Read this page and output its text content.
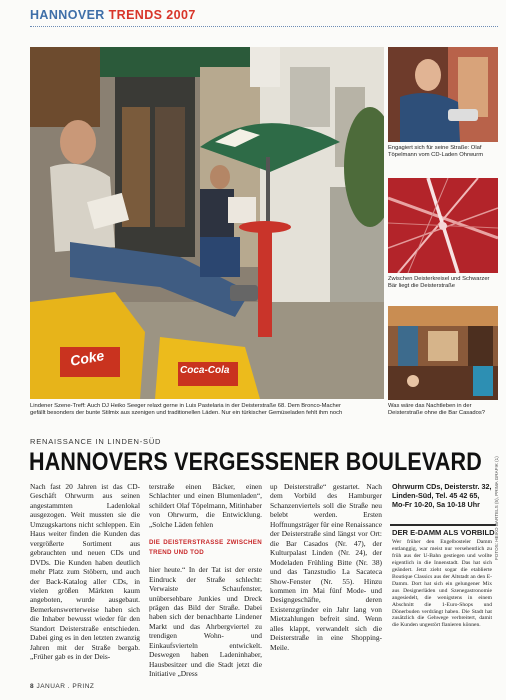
HANNOVER TRENDS 2007
Coke
Coca-Cola
Engagiert sich für seine Straße: Olaf Töpelmann vom CD-Laden Ohrwurm
Zwischen Deisterkreisel und Schwarzer Bär liegt die Deisterstraße
Lindener Szene-Treff: Auch DJ Heiko Seeger relaxt gerne in Luis Pastelaria in der Deisterstraße 68. Dem Bronco-Macher
gefällt besonders der bunte Stilmix aus szenigen und traditionellen Läden. Nur ein türkischer Gemüseladen fehlt ihm noch
Was wäre das Nachtleben in der Deisterstraße ohne die Bar Casados?
RENAISSANCE IN LINDEN-SÜD
HANNOVERS VERGESSENER BOULEVARD

Nach fast 20 Jahren ist das CD-Geschäft Ohrwurm aus seinen angestammten Ladenlokal ausgezogen. Weit mussten sie die Umzugskartons nicht schleppen. Ein Haus weiter finden die Kunden das vergrößerte Sortiment aus gebrauchten und neuen CDs und DVDs. Die Kunden haben deutlich mehr Platz zum Stöbern, und auch der Back-Katalog aller CDs, in vielen größen Märkten kaum angeboten, wurde ausgebaut. Bemerkenswerterweise haben sich die Inhaber bewusst wieder für den Standort Deisterstraße entschieden. Dabei ging es in den letzten zwanzig Jahren mit der Straße bergab. „Früher gab es in der Deis-

terstraße einen Bäcker, einen Schlachter und einen Blumenladen“, schildert Olaf Töpelmann, Mitinhaber von Ohrwurm, die Entwicklung. „Solche Läden fehlen

DIE DEISTERSTRASSE ZWISCHEN TREND UND TOD

hier heute.“ In der Tat ist der erste Eindruck der Straße schlecht: Verwaiste Schaufenster, unübersehbare Junkies und Dreck prägen das Bild der Straße. Dabei haben sich der benachbarte Lindener Markt und das Ahrbergviertel zu trendigen Wohn- und Einkaufsvierteln entwickelt. Deswegen haben Ladeninhaber, Hausbesitzer und die Stadt jetzt die Initiative „Dress

up Deisterstraße“ gestartet. Nach dem Vorbild des Hamburger Schanzenviertels soll die Straße neu belebt werden. Ersten Hoffnungsträger für eine Renaissance der Deisterstraße sind längst vor Ort: die Bar Casados (Nr. 47), der Kulturpalast Linden (Nr. 24), der Modeladen Frühling Bitte (Nr. 38) und das Tanzstudio La Sacateca Show-Fenster (Nr. 55). Hinzu kommen im Mai fünf Mode- und Designgeschäfte, deren Existenzgründer ein Jahr lang von Mietzahlungen befreit sind. Wenn alles klappt, verwandelt sich die Deisterstraße in eine Shopping-Meile.

Ohrwurm CDs, Deisterstr. 32,
Linden-Süd, Tel. 45 42 65,
Mo-Fr 10-20, Sa 10-18 Uhr
DER E-DAMM ALS VORBILD
Wer früher den Engelbosteler Damm entlanggig, war meist nur versehentlich zu früh aus der U-Bahn gestiegen und wollte eigentlich in die Innenstadt. Das hat sich geändert. Jetzt zieht sogar die etablierte Boutique Classics aus der Altstadt an den E-Damm. Dort hat sich ein gelungener Mix aus Designerläden und Szenegastronomie angesiedelt, die wenigstens in einem Abschnitt die 1-Euro-Shops und Dönerbuden verdrängt haben. Die Stadt hat zusätzlich die Gehwege verbreitert, damit die Kunden ungestört flanieren können.
FOTOS: HEIKO BARTELS (5), PRIMA GRAFIK (1)
8 JANUAR . PRINZ
